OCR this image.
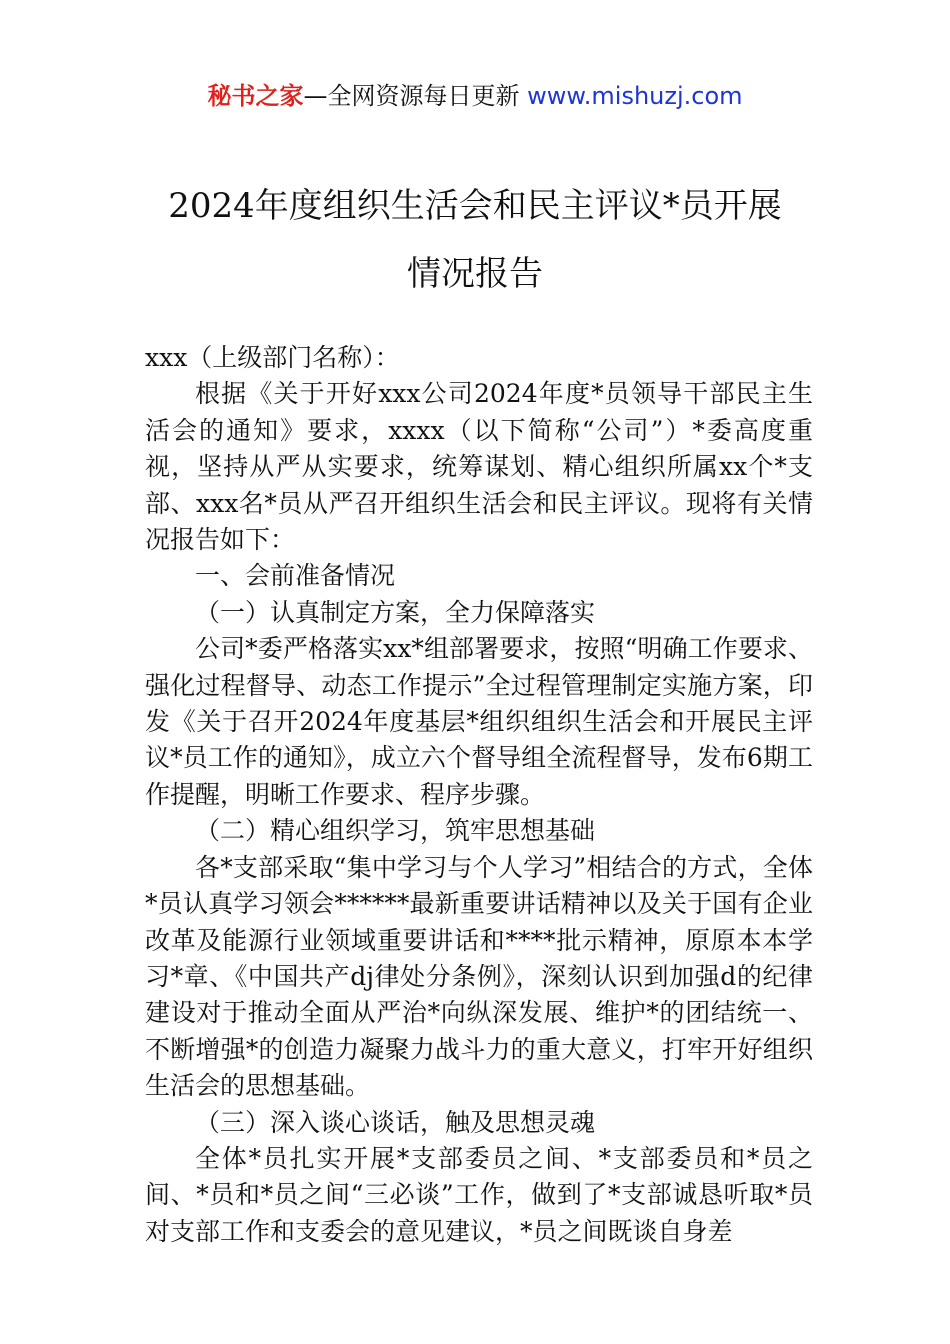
秘书之家—全网资源每日更新 www.mishuzj.com
2024年度组织生活会和民主评议*员开展
情况报告

xxx（上级部门名称）：

根据《关于开好xxx公司2024年度*员领导干部民主生活会的通知》要求，xxxx（以下简称“公司”）*委高度重视，坚持从严从实要求，统筹谋划、精心组织所属xx个*支部、xxx名*员从严召开组织生活会和民主评议。现将有关情况报告如下：

一、会前准备情况

（一）认真制定方案，全力保障落实

公司*委严格落实xx*组部署要求，按照“明确工作要求、强化过程督导、动态工作提示”全过程管理制定实施方案，印发《关于召开2024年度基层*组织组织生活会和开展民主评议*员工作的通知》，成立六个督导组全流程督导，发布6期工作提醒，明晰工作要求、程序步骤。

（二）精心组织学习，筑牢思想基础

各*支部采取“集中学习与个人学习”相结合的方式，全体*员认真学习领会******最新重要讲话精神以及关于国有企业改革及能源行业领域重要讲话和****批示精神，原原本本学习*章、《中国共产dj律处分条例》，深刻认识到加强d的纪律建设对于推动全面从严治*向纵深发展、维护*的团结统一、不断增强*的创造力凝聚力战斗力的重大意义，打牢开好组织生活会的思想基础。

（三）深入谈心谈话，触及思想灵魂

全体*员扎实开展*支部委员之间、*支部委员和*员之间、*员和*员之间“三必谈”工作，做到了*支部诚恳听取*员对支部工作和支委会的意见建议，*员之间既谈自身差
